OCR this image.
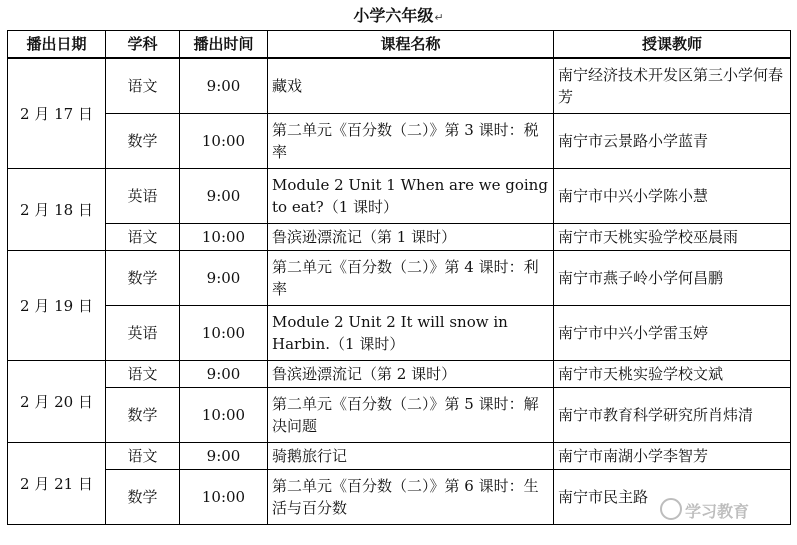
小学六年级↵
播出日期	学科	播出时间	课程名称	授课教师
2 月 17 日	语文	9:00	藏戏	南宁经济技术开发区第三小学何春芳
	数学	10:00	第二单元《百分数（二）》第 3 课时：税率	南宁市云景路小学蓝青
2 月 18 日	英语	9:00	Module 2 Unit 1 When are we going to eat?（1 课时）	南宁市中兴小学陈小慧
	语文	10:00	鲁滨逊漂流记（第 1 课时）	南宁市天桃实验学校巫晨雨
2 月 19 日	数学	9:00	第二单元《百分数（二）》第 4 课时：利率	南宁市燕子岭小学何昌鹏
	英语	10:00	Module 2 Unit 2 It will snow in Harbin.（1 课时）	南宁市中兴小学雷玉婷
2 月 20 日	语文	9:00	鲁滨逊漂流记（第 2 课时）	南宁市天桃实验学校文斌
	数学	10:00	第二单元《百分数（二）》第 5 课时：解决问题	南宁市教育科学研究所肖炜清
2 月 21 日	语文	9:00	骑鹅旅行记	南宁市南湖小学李智芳
	数学	10:00	第二单元《百分数（二）》第 6 课时：生活与百分数	南宁市民主路
学习教育
